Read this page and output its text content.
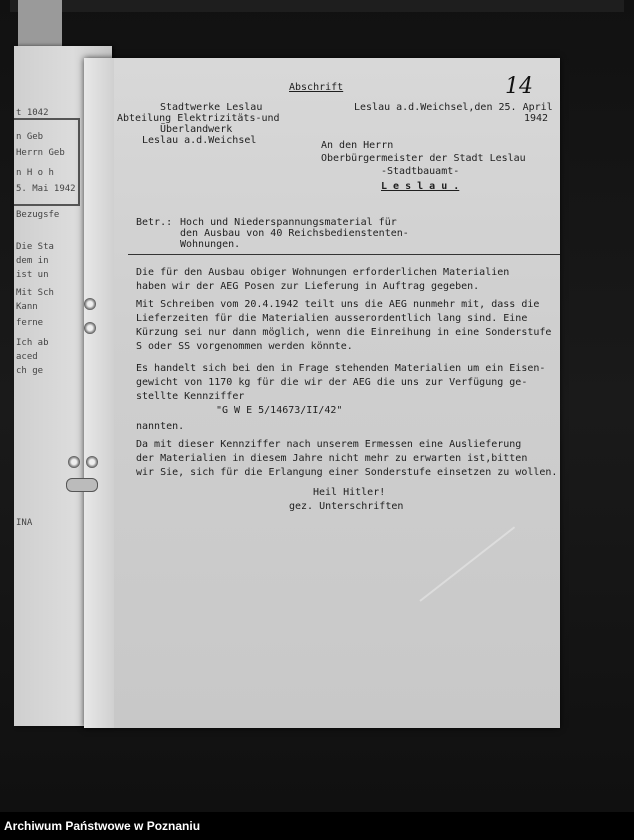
t 1042
n Geb
Herrn Geb
n H o h
5. Mai 1942
Bezugsfe
Die Sta
dem in
ist un
Mit Sch
Kann
ferne
Ich ab
aced
ch ge
INA
Abschrift	14
Stadtwerke Leslau
Abteilung Elektrizitäts-und
Überlandwerk
Leslau a.d.Weichsel
Leslau a.d.Weichsel,den 25. April
1942
An den Herrn
Oberbürgermeister der Stadt Leslau
-Stadtbauamt-
L e s l a u .
Betr.: Hoch und Niederspannungsmaterial für
den Ausbau von 40 Reichsbedienstenten-
Wohnungen.
Die für den Ausbau obiger Wohnungen erforderlichen Materialien
haben wir der AEG Posen zur Lieferung in Auftrag gegeben.
Mit Schreiben vom 20.4.1942 teilt uns die AEG nunmehr mit, dass die
Lieferzeiten für die Materialien ausserordentlich lang sind. Eine
Kürzung sei nur dann möglich, wenn die Einreihung in eine Sonderstufe
S oder SS vorgenommen werden könnte.
Es handelt sich bei den in Frage stehenden Materialien um ein Eisen-
gewicht von 1170 kg für die wir der AEG die uns zur Verfügung ge-
stellte Kennziffer
"G W E 5/14673/II/42"
nannten.
Da mit dieser Kennziffer nach unserem Ermessen eine Auslieferung
der Materialien in diesem Jahre nicht mehr zu erwarten ist,bitten
wir Sie, sich für die Erlangung einer Sonderstufe einsetzen zu wollen.
Heil Hitler!
gez. Unterschriften
Archiwum Państwowe w Poznaniu
